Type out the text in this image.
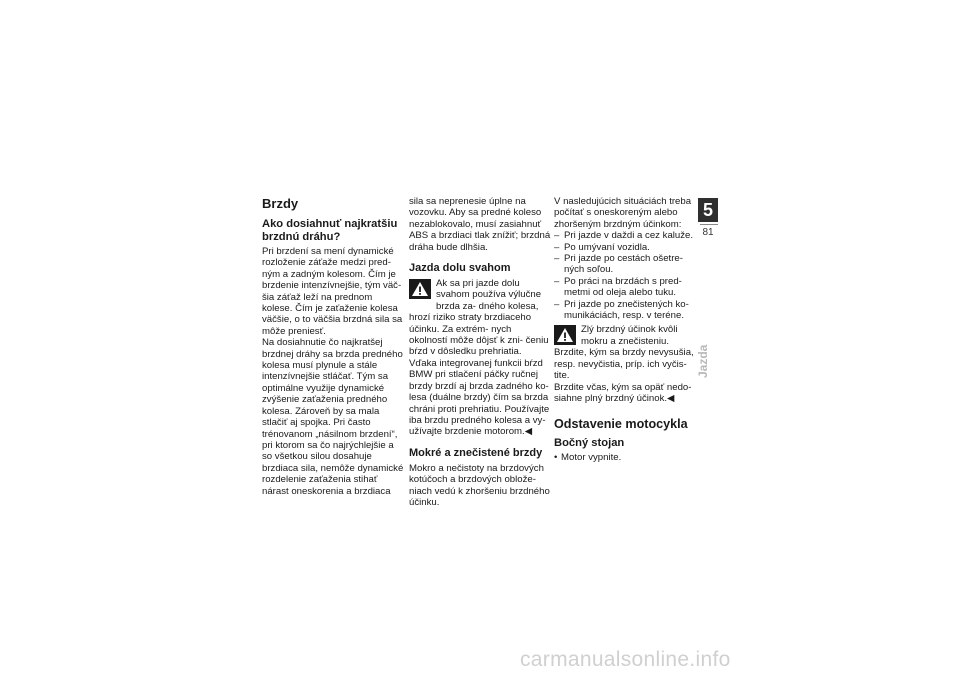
Brzdy
Ako dosiahnuť najkratšiu brzdnú dráhu?

Pri brzdení sa mení dynamické rozloženie záťaže medzi pred- ným a zadným kolesom. Čím je brzdenie intenzívnejšie, tým väč- šia záťaž leží na prednom kolese. Čím je zaťaženie kolesa väčšie, o to väčšia brzdná sila sa môže preniesť.

Na dosiahnutie čo najkratšej brzdnej dráhy sa brzda predného kolesa musí plynule a stále intenzívnejšie stláčať. Tým sa optimálne využije dynamické zvýšenie zaťaženia predného kolesa. Zároveň by sa mala stlačiť aj spojka. Pri často trénovanom „násilnom brzdení“, pri ktorom sa čo najrýchlejšie a so všetkou silou dosahuje brzdiaca sila, nemôže dynamické rozdelenie zaťaženia stihať nárast oneskorenia a brzdiaca

sila sa neprenesie úplne na vozovku. Aby sa predné koleso nezablokovalo, musí zasiahnuť ABS a brzdiaci tlak znížiť; brzdná dráha bude dlhšia.

Jazda dolu svahom

Ak sa pri jazde dolu svahom používa výlučne brzda za- dného kolesa, hrozí riziko straty brzdiaceho účinku. Za extrém- nych okolností môže dôjsť k zni- čeniu bŕzd v dôsledku prehriatia. Vďaka integrovanej funkcii bŕzd BMW pri stlačení páčky ručnej brzdy brzdí aj brzda zadného ko- lesa (duálne brzdy) čím sa brzda chráni proti prehriatiu. Používajte iba brzdu predného kolesa a vy- užívajte brzdenie motorom.◀

Mokré a znečistené brzdy

Mokro a nečistoty na brzdových kotúčoch a brzdových obložе- niach vedú k zhoršeniu brzdného účinku.

V nasledujúcich situáciách treba počítať s oneskoreným alebo zhoršeným brzdným účinkom:

– Pri jazde v daždi a cez kaluže.
– Po umývaní vozidla.
– Pri jazde po cestách ošetre- ných soľou.
– Po práci na brzdách s pred- metmi od oleja alebo tuku.
– Pri jazde po znečistených ko- munikáciách, resp. v teréne.

Zlý brzdný účinok kvôli mokru a znečisteniu.

Brzdite, kým sa brzdy nevysušia, resp. nevyčistia, príp. ich vyčis- tite.

Brzdite včas, kým sa opäť nedo- siahne plný brzdný účinok.◀

Odstavenie motocykla
Bočný stojan
• Motor vypnite.
5
81
Jazda
carmanualsonline.info
